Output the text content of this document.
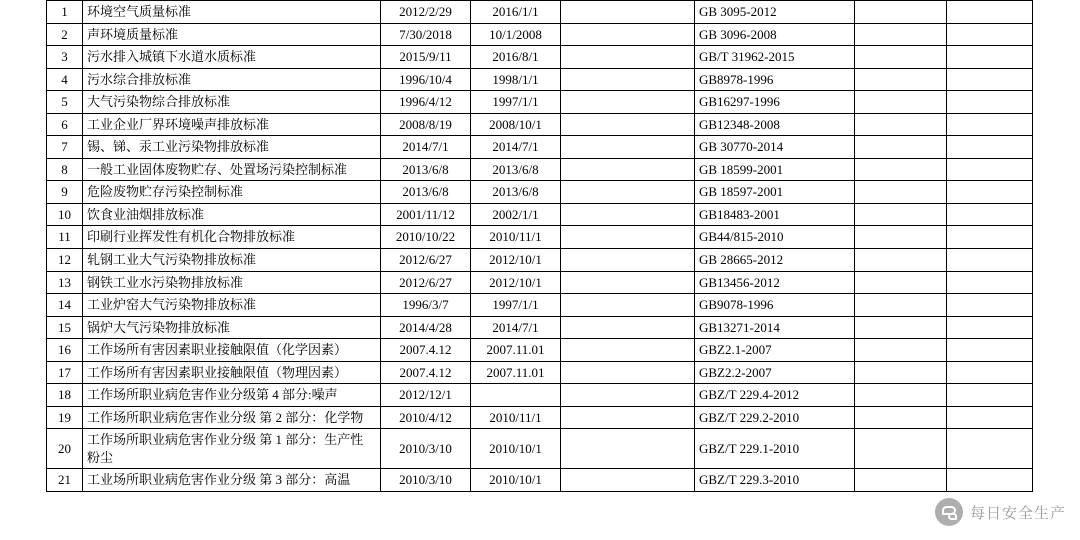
1	环境空气质量标准	2012/2/29	2016/1/1		GB 3095-2012		
2	声环境质量标准	7/30/2018	10/1/2008		GB 3096-2008		
3	污水排入城镇下水道水质标准	2015/9/11	2016/8/1		GB/T 31962-2015		
4	污水综合排放标准	1996/10/4	1998/1/1		GB8978-1996		
5	大气污染物综合排放标准	1996/4/12	1997/1/1		GB16297-1996		
6	工业企业厂界环境噪声排放标准	2008/8/19	2008/10/1		GB12348-2008		
7	锡、锑、汞工业污染物排放标准	2014/7/1	2014/7/1		GB 30770-2014		
8	一般工业固体废物贮存、处置场污染控制标准	2013/6/8	2013/6/8		GB 18599-2001		
9	危险废物贮存污染控制标准	2013/6/8	2013/6/8		GB 18597-2001		
10	饮食业油烟排放标准	2001/11/12	2002/1/1		GB18483-2001		
11	印刷行业挥发性有机化合物排放标准	2010/10/22	2010/11/1		GB44/815-2010		
12	轧钢工业大气污染物排放标准	2012/6/27	2012/10/1		GB 28665-2012		
13	钢铁工业水污染物排放标准	2012/6/27	2012/10/1		GB13456-2012		
14	工业炉窑大气污染物排放标准	1996/3/7	1997/1/1		GB9078-1996		
15	锅炉大气污染物排放标准	2014/4/28	2014/7/1		GB13271-2014		
16	工作场所有害因素职业接触限值（化学因素）	2007.4.12	2007.11.01		GBZ2.1-2007		
17	工作场所有害因素职业接触限值（物理因素）	2007.4.12	2007.11.01		GBZ2.2-2007		
18	工作场所职业病危害作业分级第 4 部分:噪声	2012/12/1			GBZ/T 229.4-2012		
19	工作场所职业病危害作业分级 第 2 部分：化学物	2010/4/12	2010/11/1		GBZ/T 229.2-2010		
20	工作场所职业病危害作业分级 第 1 部分：生产性粉尘	2010/3/10	2010/10/1		GBZ/T 229.1-2010		
21	工业场所职业病危害作业分级 第 3 部分：高温	2010/3/10	2010/10/1		GBZ/T 229.3-2010		
每日安全生产
